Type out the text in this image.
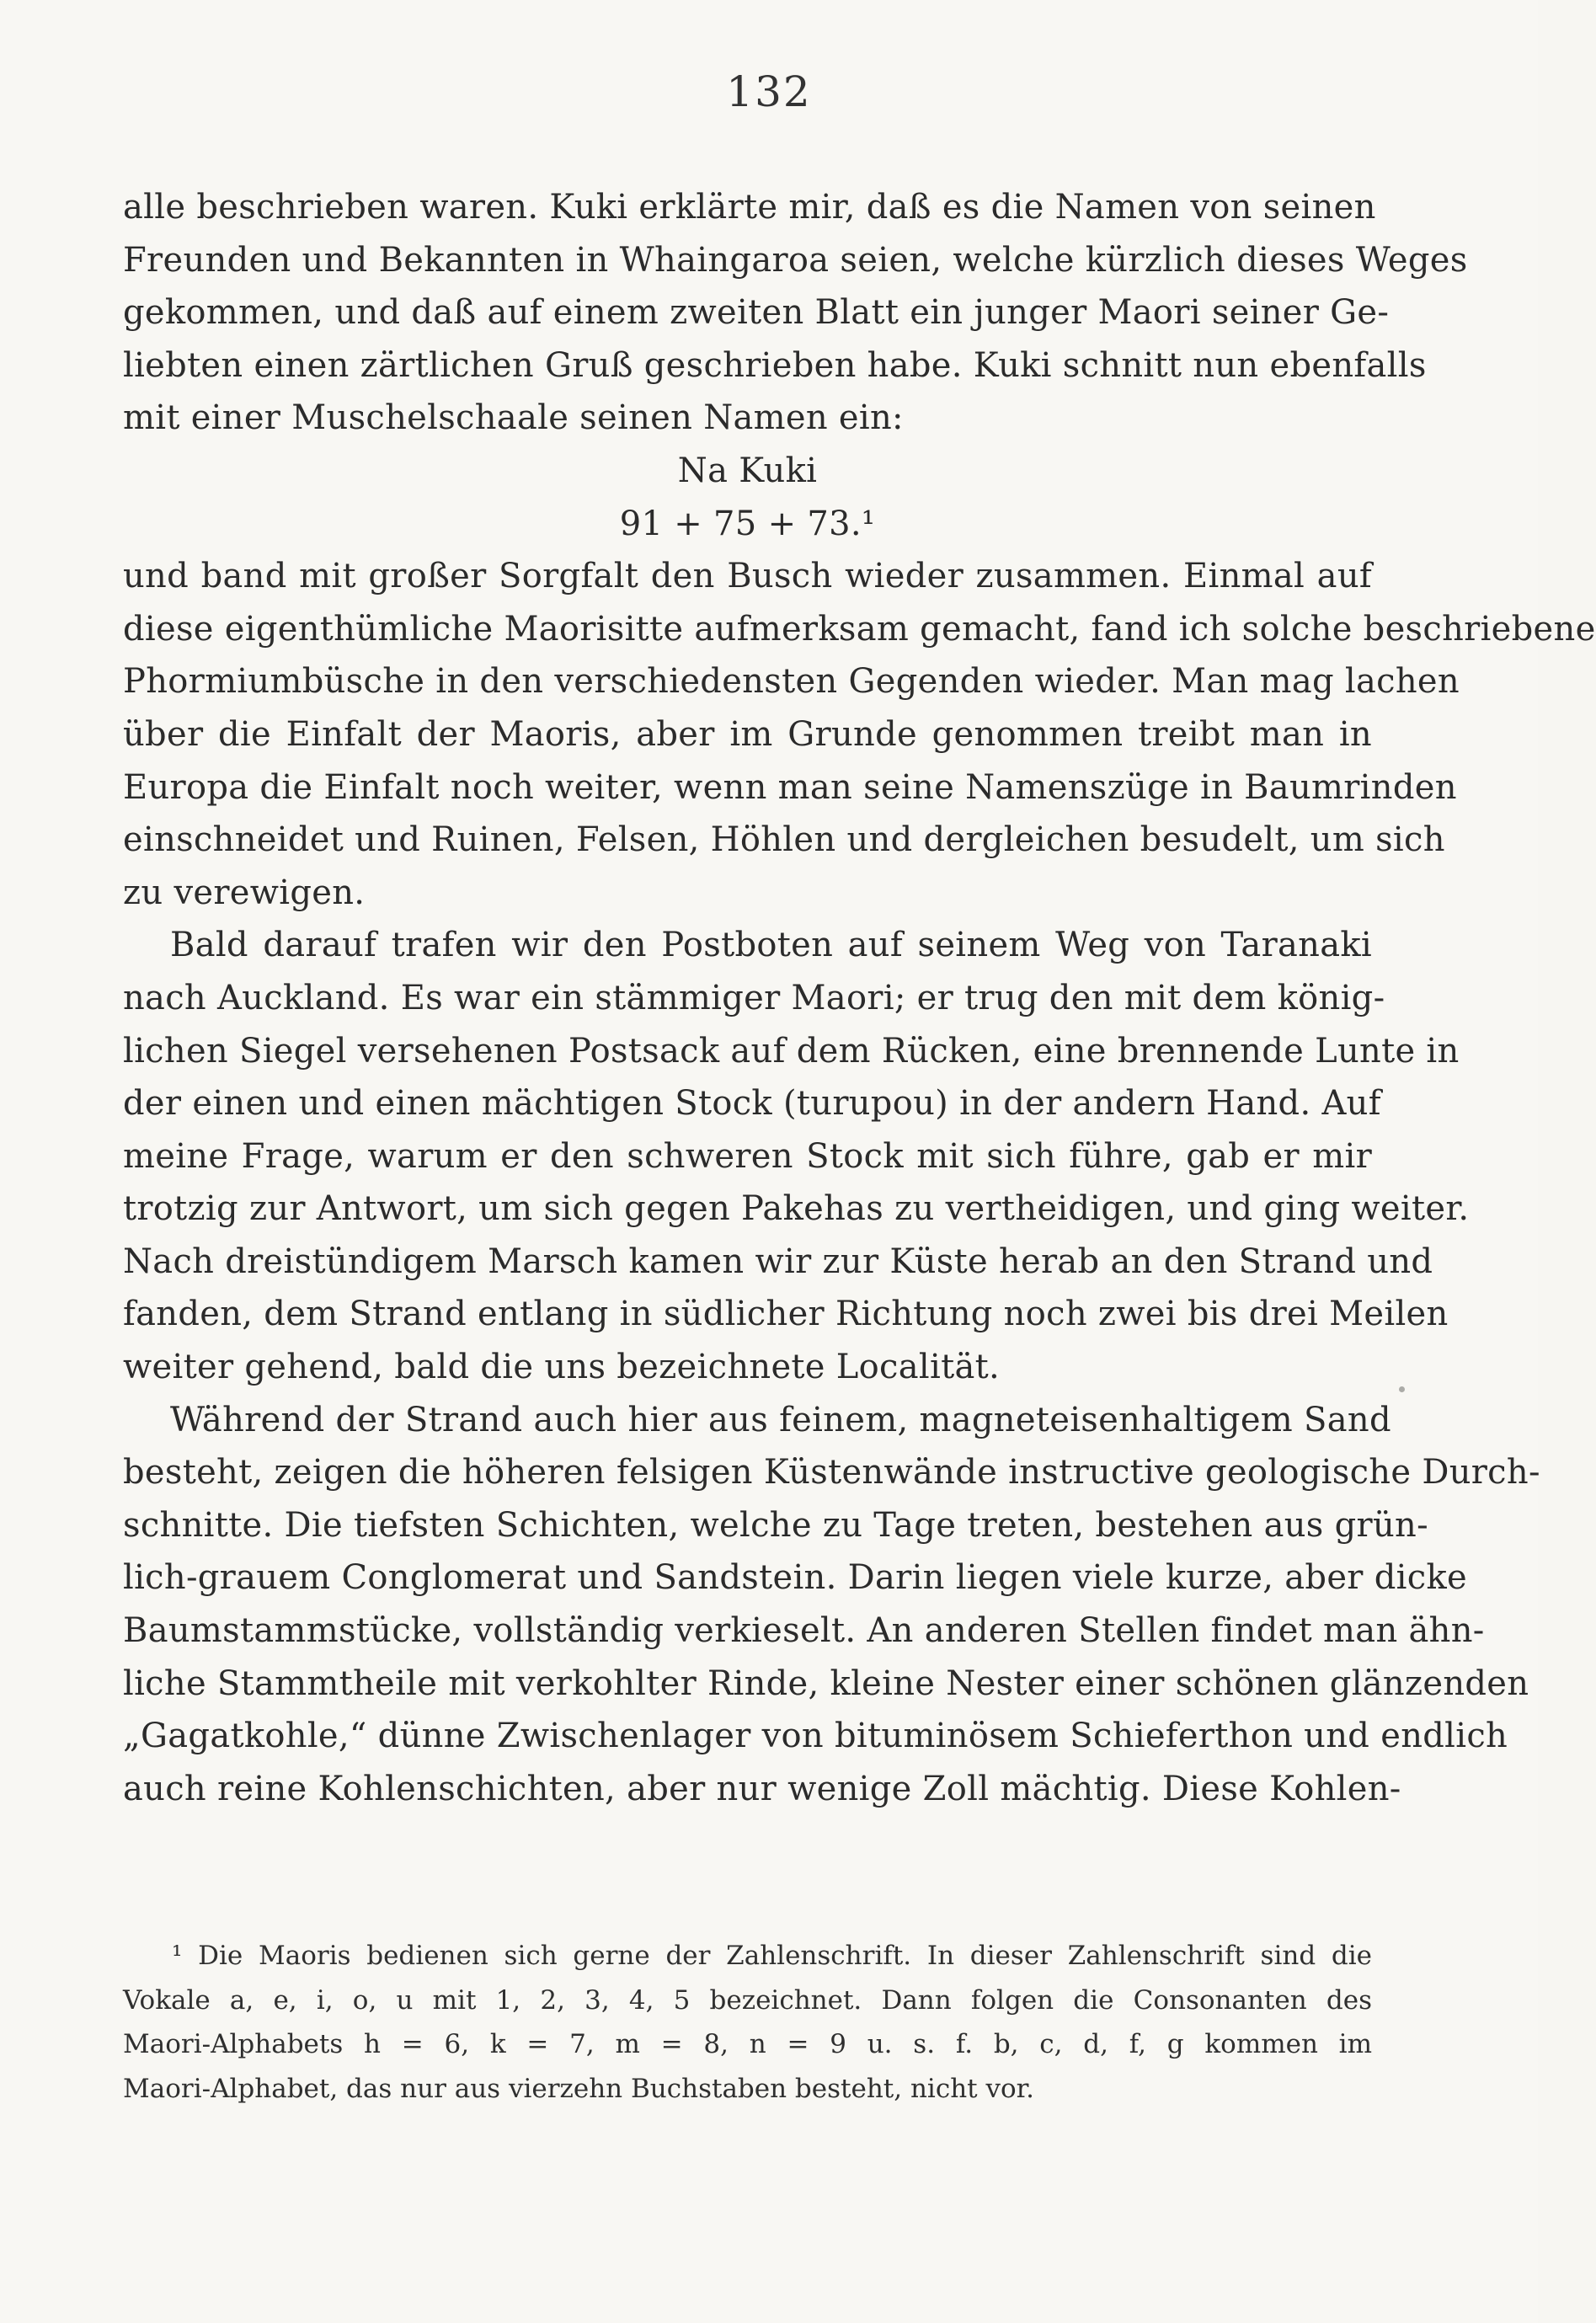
132
alle beschrieben waren. Kuki erklärte mir, daß es die Namen von seinen
Freunden und Bekannten in Whaingaroa seien, welche kürzlich dieses Weges
gekommen, und daß auf einem zweiten Blatt ein junger Maori seiner Ge-
liebten einen zärtlichen Gruß geschrieben habe. Kuki schnitt nun ebenfalls
mit einer Muschelschaale seinen Namen ein:
Na Kuki
91 + 75 + 73.¹
und band mit großer Sorgfalt den Busch wieder zusammen. Einmal auf
diese eigenthümliche Maorisitte aufmerksam gemacht, fand ich solche beschriebene
Phormiumbüsche in den verschiedensten Gegenden wieder. Man mag lachen
über die Einfalt der Maoris, aber im Grunde genommen treibt man in
Europa die Einfalt noch weiter, wenn man seine Namenszüge in Baumrinden
einschneidet und Ruinen, Felsen, Höhlen und dergleichen besudelt, um sich
zu verewigen.
Bald darauf trafen wir den Postboten auf seinem Weg von Taranaki
nach Auckland. Es war ein stämmiger Maori; er trug den mit dem könig-
lichen Siegel versehenen Postsack auf dem Rücken, eine brennende Lunte in
der einen und einen mächtigen Stock (turupou) in der andern Hand. Auf
meine Frage, warum er den schweren Stock mit sich führe, gab er mir
trotzig zur Antwort, um sich gegen Pakehas zu vertheidigen, und ging weiter.
Nach dreistündigem Marsch kamen wir zur Küste herab an den Strand und
fanden, dem Strand entlang in südlicher Richtung noch zwei bis drei Meilen
weiter gehend, bald die uns bezeichnete Localität.
Während der Strand auch hier aus feinem, magneteisenhaltigem Sand
besteht, zeigen die höheren felsigen Küstenwände instructive geologische Durch-
schnitte. Die tiefsten Schichten, welche zu Tage treten, bestehen aus grün-
lich-grauem Conglomerat und Sandstein. Darin liegen viele kurze, aber dicke
Baumstammstücke, vollständig verkieselt. An anderen Stellen findet man ähn-
liche Stammtheile mit verkohlter Rinde, kleine Nester einer schönen glänzenden
„Gagatkohle,“ dünne Zwischenlager von bituminösem Schieferthon und endlich
auch reine Kohlenschichten, aber nur wenige Zoll mächtig. Diese Kohlen-
¹ Die Maoris bedienen sich gerne der Zahlenschrift. In dieser Zahlenschrift sind die
Vokale a, e, i, o, u mit 1, 2, 3, 4, 5 bezeichnet. Dann folgen die Consonanten des
Maori-Alphabets h = 6, k = 7, m = 8, n = 9 u. s. f. b, c, d, f, g kommen im
Maori-Alphabet, das nur aus vierzehn Buchstaben besteht, nicht vor.
